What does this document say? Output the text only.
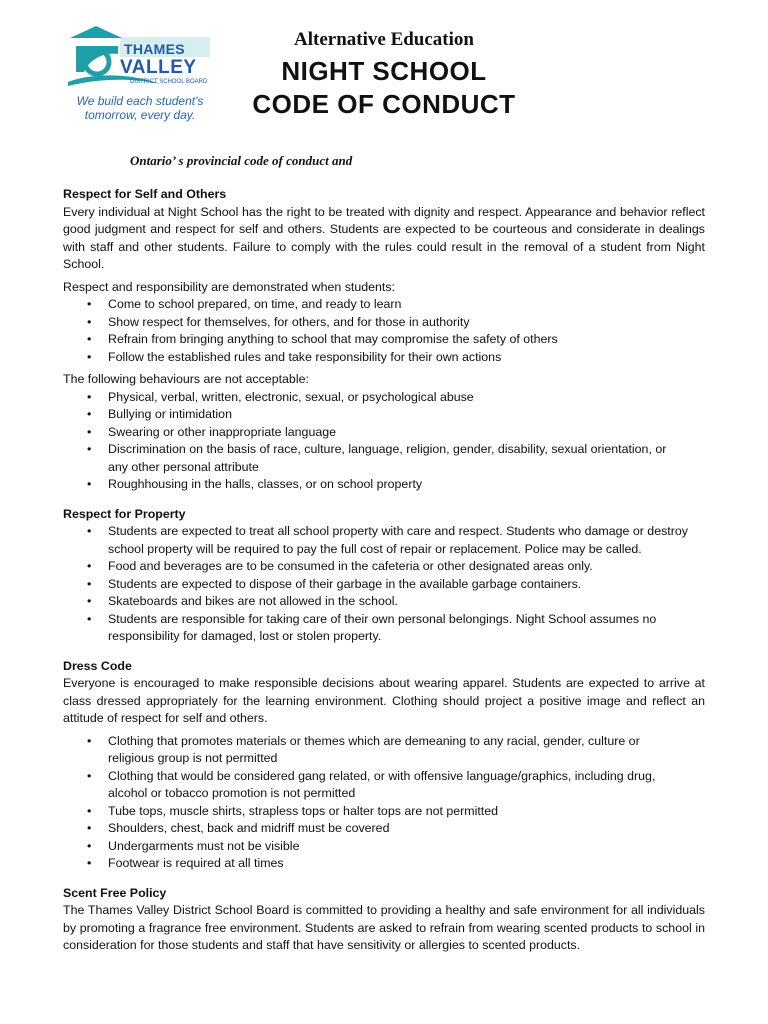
THAMES
VALLEY
DISTRICT SCHOOL BOARD
We build each student's
tomorrow, every day.
Alternative Education
NIGHT SCHOOL
CODE OF CONDUCT
Ontario’ s provincial code of conduct and

Respect for Self and Others

Every individual at Night School has the right to be treated with dignity and respect. Appearance and behavior reflect good judgment and respect for self and others. Students are expected to be courteous and considerate in dealings with staff and other students. Failure to comply with the rules could result in the removal of a student from Night School.

Respect and responsibility are demonstrated when students:

• Come to school prepared, on time, and ready to learn
• Show respect for themselves, for others, and for those in authority
• Refrain from bringing anything to school that may compromise the safety of others
• Follow the established rules and take responsibility for their own actions

The following behaviours are not acceptable:

• Physical, verbal, written, electronic, sexual, or psychological abuse
• Bullying or intimidation
• Swearing or other inappropriate language
• Discrimination on the basis of race, culture, language, religion, gender, disability, sexual orientation, or any other personal attribute
• Roughhousing in the halls, classes, or on school property

Respect for Property

• Students are expected to treat all school property with care and respect. Students who damage or destroy school property will be required to pay the full cost of repair or replacement. Police may be called.
• Food and beverages are to be consumed in the cafeteria or other designated areas only.
• Students are expected to dispose of their garbage in the available garbage containers.
• Skateboards and bikes are not allowed in the school.
• Students are responsible for taking care of their own personal belongings. Night School assumes no responsibility for damaged, lost or stolen property.

Dress Code

Everyone is encouraged to make responsible decisions about wearing apparel. Students are expected to arrive at class dressed appropriately for the learning environment. Clothing should project a positive image and reflect an attitude of respect for self and others.

• Clothing that promotes materials or themes which are demeaning to any racial, gender, culture or religious group is not permitted
• Clothing that would be considered gang related, or with offensive language/graphics, including drug, alcohol or tobacco promotion is not permitted
• Tube tops, muscle shirts, strapless tops or halter tops are not permitted
• Shoulders, chest, back and midriff must be covered
• Undergarments must not be visible
• Footwear is required at all times

Scent Free Policy

The Thames Valley District School Board is committed to providing a healthy and safe environment for all individuals by promoting a fragrance free environment. Students are asked to refrain from wearing scented products to school in consideration for those students and staff that have sensitivity or allergies to scented products.
